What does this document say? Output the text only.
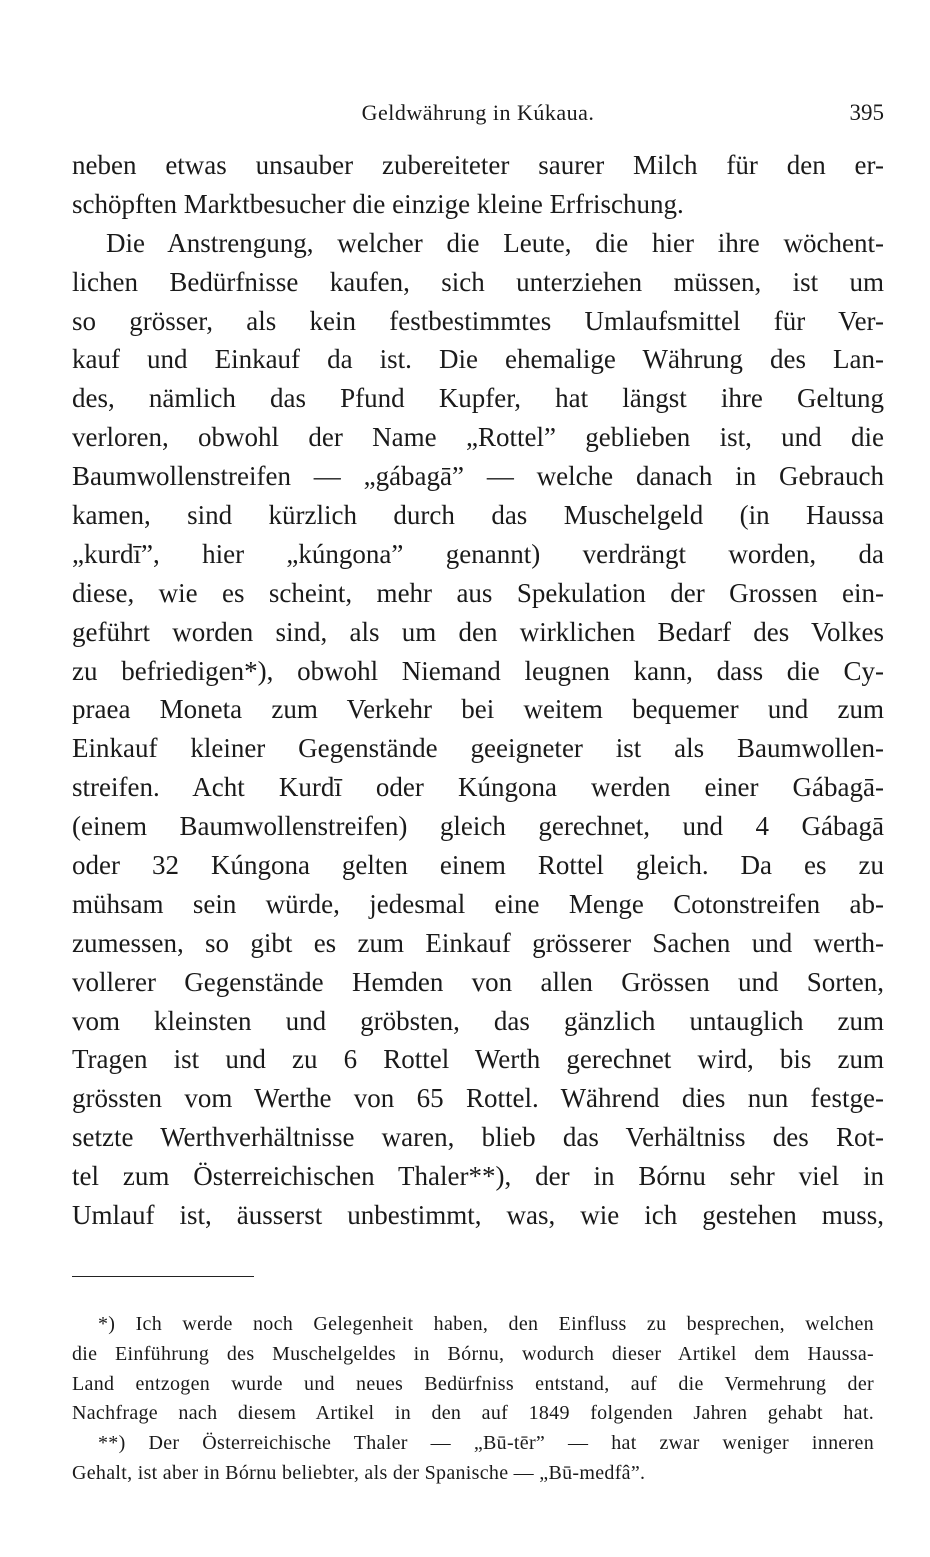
Geldwährung in Kúkaua.	395
neben etwas unsauber zubereiteter saurer Milch für den er-
schöpften Marktbesucher die einzige kleine Erfrischung.
Die Anstrengung, welcher die Leute, die hier ihre wöchent-
lichen Bedürfnisse kaufen, sich unterziehen müssen, ist um
so grösser, als kein festbestimmtes Umlaufsmittel für Ver-
kauf und Einkauf da ist. Die ehemalige Währung des Lan-
des, nämlich das Pfund Kupfer, hat längst ihre Geltung
verloren, obwohl der Name „Rottel” geblieben ist, und die
Baumwollenstreifen — „gábagā” — welche danach in Gebrauch
kamen, sind kürzlich durch das Muschelgeld (in Haussa
„kurdī”, hier „kúngona” genannt) verdrängt worden, da
diese, wie es scheint, mehr aus Spekulation der Grossen ein-
geführt worden sind, als um den wirklichen Bedarf des Volkes
zu befriedigen*), obwohl Niemand leugnen kann, dass die Cy-
praea Moneta zum Verkehr bei weitem bequemer und zum
Einkauf kleiner Gegenstände geeigneter ist als Baumwollen-
streifen. Acht Kurdī oder Kúngona werden einer Gábagā-
(einem Baumwollenstreifen) gleich gerechnet, und 4 Gábagā
oder 32 Kúngona gelten einem Rottel gleich. Da es zu
mühsam sein würde, jedesmal eine Menge Cotonstreifen ab-
zumessen, so gibt es zum Einkauf grösserer Sachen und werth-
vollerer Gegenstände Hemden von allen Grössen und Sorten,
vom kleinsten und gröbsten, das gänzlich untauglich zum
Tragen ist und zu 6 Rottel Werth gerechnet wird, bis zum
grössten vom Werthe von 65 Rottel. Während dies nun festge-
setzte Werthverhältnisse waren, blieb das Verhältniss des Rot-
tel zum Österreichischen Thaler**), der in Bórnu sehr viel in
Umlauf ist, äusserst unbestimmt, was, wie ich gestehen muss,
*) Ich werde noch Gelegenheit haben, den Einfluss zu besprechen, welchen
die Einführung des Muschelgeldes in Bórnu, wodurch dieser Artikel dem Haussa-
Land entzogen wurde und neues Bedürfniss entstand, auf die Vermehrung der
Nachfrage nach diesem Artikel in den auf 1849 folgenden Jahren gehabt hat.
**) Der Österreichische Thaler — „Bū-tēr” — hat zwar weniger inneren
Gehalt, ist aber in Bórnu beliebter, als der Spanische — „Bū-medfâ”.
